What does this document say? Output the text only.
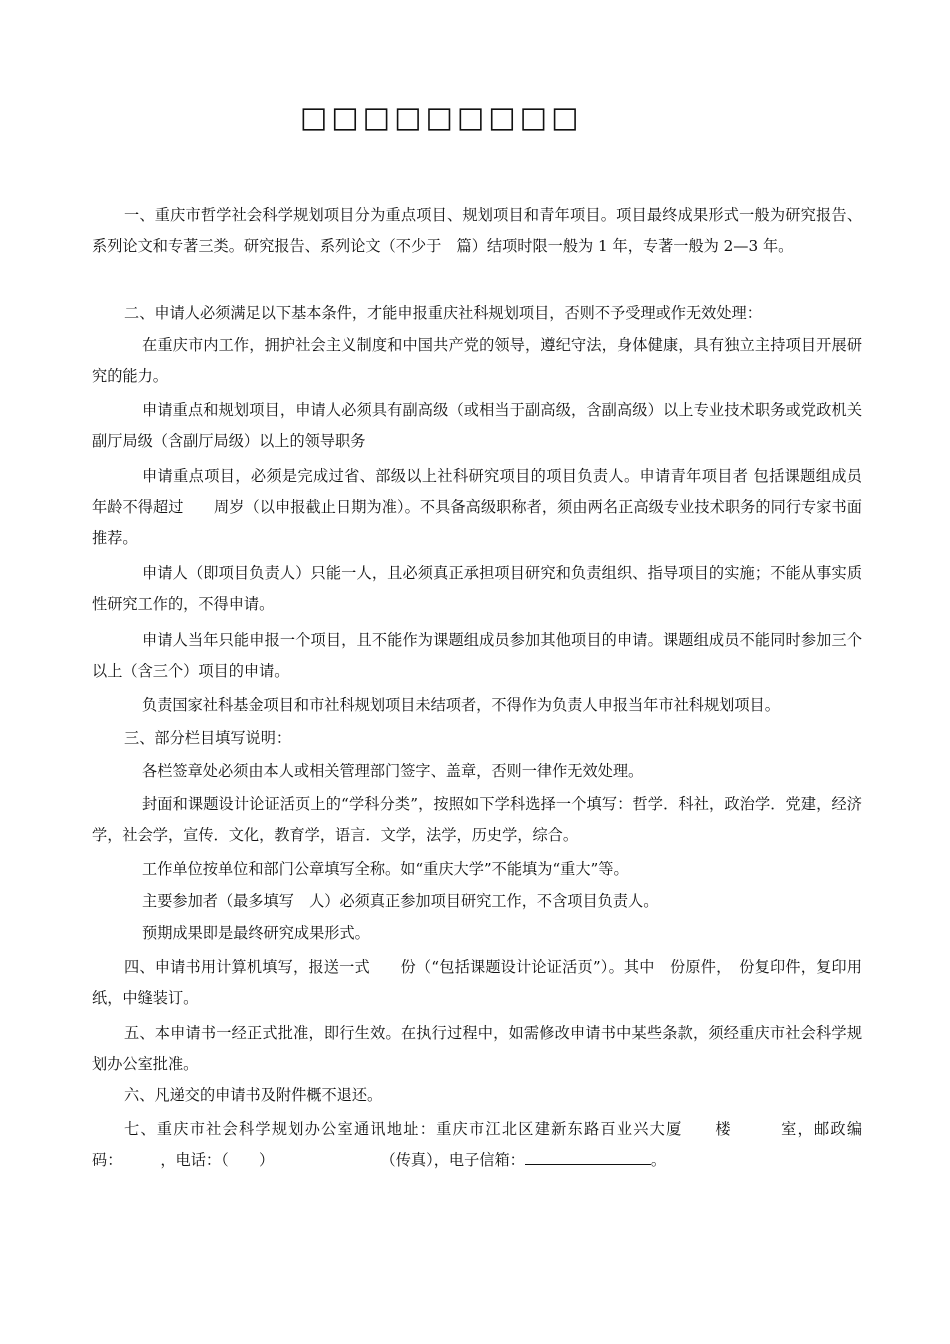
□□□□□□□□□

一、重庆市哲学社会科学规划项目分为重点项目、规划项目和青年项目。项目最终成果形式一般为研究报告、系列论文和专著三类。研究报告、系列论文（不少于　篇）结项时限一般为 1 年，专著一般为 2—3 年。

二、申请人必须满足以下基本条件，才能申报重庆社科规划项目，否则不予受理或作无效处理：

在重庆市内工作，拥护社会主义制度和中国共产党的领导，遵纪守法，身体健康，具有独立主持项目开展研究的能力。

申请重点和规划项目，申请人必须具有副高级（或相当于副高级，含副高级）以上专业技术职务或党政机关副厅局级（含副厅局级）以上的领导职务

申请重点项目，必须是完成过省、部级以上社科研究项目的项目负责人。申请青年项目者 包括课题组成员 年龄不得超过　　周岁（以申报截止日期为准）。不具备高级职称者，须由两名正高级专业技术职务的同行专家书面推荐。

申请人（即项目负责人）只能一人，且必须真正承担项目研究和负责组织、指导项目的实施；不能从事实质性研究工作的，不得申请。

申请人当年只能申报一个项目，且不能作为课题组成员参加其他项目的申请。课题组成员不能同时参加三个以上（含三个）项目的申请。

负责国家社科基金项目和市社科规划项目未结项者，不得作为负责人申报当年市社科规划项目。

三、部分栏目填写说明：

各栏签章处必须由本人或相关管理部门签字、盖章，否则一律作无效处理。

封面和课题设计论证活页上的“学科分类”，按照如下学科选择一个填写：哲学．科社，政治学．党建，经济学，社会学，宣传．文化，教育学，语言．文学，法学，历史学，综合。

工作单位按单位和部门公章填写全称。如“重庆大学”不能填为“重大”等。

主要参加者（最多填写　人）必须真正参加项目研究工作，不含项目负责人。

预期成果即是最终研究成果形式。

四、申请书用计算机填写，报送一式　　份（“包括课题设计论证活页”）。其中　份原件，　份复印件，复印用　　纸，中缝装订。

五、本申请书一经正式批准，即行生效。在执行过程中，如需修改申请书中某些条款，须经重庆市社会科学规划办公室批准。

六、凡递交的申请书及附件概不退还。

七、重庆市社会科学规划办公室通讯地址：重庆市江北区建新东路百业兴大厦　　楼　　　室，邮政编码：　　　，电话：（　　）　　　　　　　　（传真），电子信箱：	。
